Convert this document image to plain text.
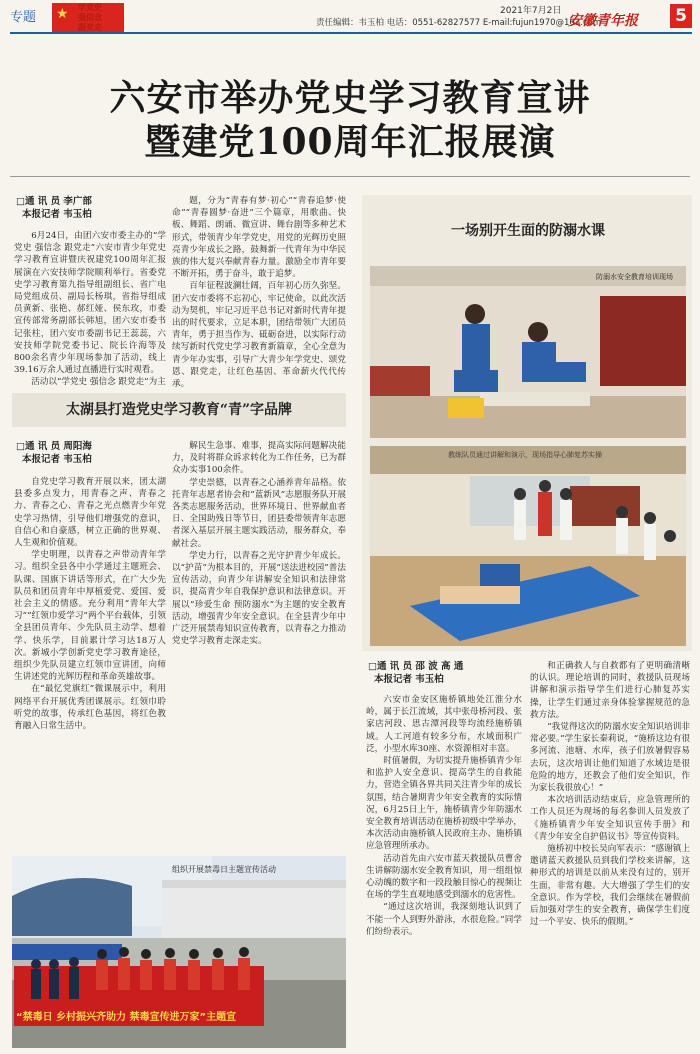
专题 ★ 学党史
强信念
跟党走
2021年7月2日
责任编辑：韦玉柏 电话：0551-62827577 E-mail:fujun1970@163.com
安徽青年报 5
六安市举办党史学习教育宣讲
暨建党100周年汇报展演
□通 讯 员 李广部
本报记者 韦玉柏

6月24日，由团六安市委主办的“学党史 强信念 跟党走”六安市青少年党史学习教育宣讲暨庆祝建党100周年汇报展演在六安技师学院顺利举行。省委党史学习教育第九指导组副组长、省广电局党组成员、副局长杨琪，省指导组成员黄新、张艳、郝红娅、侯东玫，市委宣传部常务副部长韩旭，团六安市委书记张柱，团六安市委副书记王蕊蕊，六安技师学院党委书记、院长许海等及800余名青少年现场参加了活动，线上39.16万余人通过直播进行实时观看。

活动以“学党史 强信念 跟党走”为主

题，分为“青春有梦·初心”“青春追梦·使命”“青春圆梦·奋进”三个篇章，用歌曲、快板、舞蹈、朗诵、微宣讲、舞台剧等多种艺术形式，带领青少年学党史，用党的光辉历史照亮青少年成长之路，鼓舞新一代青年为中华民族的伟大复兴奉献青春力量。激励全市青年要不断开拓，勇于奋斗，敢于追梦。

百年征程波澜壮阔，百年初心历久弥坚。团六安市委将不忘初心，牢记使命，以此次活动为契机，牢记习近平总书记对新时代青年提出的时代要求，立足本职，团结带领广大团员青年，勇于担当作为、砥砺奋进，以实际行动续写新时代党史学习教育新篇章，全心全意为青少年办实事，引导广大青少年学党史、颂党恩、跟党走，让红色基因、革命薪火代代传承。

太湖县打造党史学习教育“青”字品牌
□通 讯 员 周阳海
本报记者 韦玉柏

自党史学习教育开展以来，团太湖县委多点发力，用青春之声、青春之力、青春之心、青春之光点燃青少年党史学习热情，引导他们增强党的意识，自信心和自豪感，树立正确的世界观、人生观和价值观。

学史明理，以青春之声带动青年学习。组织全县各中小学通过主题班会、队课、国旗下讲话等形式，在广大少先队员和团员青年中厚植爱党、爱国、爱社会主义的情感。充分利用“青年大学习”“红领巾爱学习”两个平台载体，引领全县团员青年、少先队员主动学、想着学、快乐学，目前累计学习达18万人次。新城小学创新党史学习教育途径，组织少先队员建立红领巾宣讲团，向师生讲述党的光辉历程和革命英雄故事。

在“最忆党旗红”微课展示中，利用网络平台开展优秀团课展示。红领巾聆听党的故事，传承红色基因，将红色教育融入日常生活中。

解民生急事、难事，提高实际问题解决能力，及时将群众诉求转化为工作任务，已为群众办实事100余件。

学史崇德，以青春之心涵养青年品格。依托青年志愿者协会和“蓝新风”志愿服务队开展各类志愿服务活动，世界环境日、世界献血者日、全国助残日等节日，团县委带领青年志愿者深入基层开展主题实践活动，服务群众，奉献社会。

学史力行，以青春之光守护青少年成长。以“护苗”为根本目的，开展“送法进校园”普法宣传活动，向青少年讲解安全知识和法律常识，提高青少年自我保护意识和法律意识。开展以“珍爱生命 预防溺水”为主题的安全教育活动，增强青少年安全意识。在全县青少年中广泛开展禁毒知识宣传教育，以青春之力推动党史学习教育走深走实。

组织开展禁毒日主题宣传活动
“禁毒日 乡村振兴齐助力 禁毒宣传进万家”主题宣
一场别开生面的防溺水课
防溺水安全教育培训现场
教练队员通过讲解和演示，现场指导心肺复苏实操
□通 讯 员 邵 波 高 通
本报记者 韦玉柏

六安市金安区施桥镇地处江淮分水岭，属于长江流域，其中张母桥河段、张家店河段、思古潭河段等均流经施桥镇域。人工河道有较多分布，水域面积广泛，小型水库30座、水资源相对丰富。

时值暑假，为切实提升施桥镇青少年和监护人安全意识、提高学生的自救能力，营造全镇各界共同关注青少年的成长氛围，结合暑期青少年安全教育的实际情况，6月25日上午，施桥镇青少年防溺水安全教育培训活动在施桥初级中学举办，本次活动由施桥镇人民政府主办、施桥镇应急管理所承办。

活动首先由六安市蓝天救援队员曹舍生讲解防溺水安全教育知识，用一组组惊心动魄的数字和一段段触目惊心的视频让在场的学生直观地感受到溺水的危害性。

“通过这次培训，我深刻地认识到了不能一个人到野外游泳，水很危险。”同学们纷纷表示。

和正确救人与自救都有了更明确清晰的认识。理论培训的同时，救援队员现场讲解和演示指导学生们进行心肺复苏实操，让学生们通过亲身体验掌握规范的急救方法。

“我觉得这次的防溺水安全知识培训非常必要。”学生家长秦莉说，“施桥这边有很多河流、池塘、水库，孩子们放暑假容易去玩，这次培训让他们知道了水域边是很危险的地方，还教会了他们安全知识，作为家长我很放心！”

本次培训活动结束后，应急管理所的工作人员还为现场的每名参训人员发放了《施桥镇青少年安全知识宣传手册》和《青少年安全自护倡议书》等宣传资料。

施桥初中校长吴向军表示：“感谢镇上邀请蓝天救援队员到我们学校来讲解，这种形式的培训是以前从来没有过的，别开生面，非常有趣。大大增强了学生们的安全意识。作为学校，我们会继续在暑假前后加强对学生的安全教育，确保学生们度过一个平安、快乐的假期。”
